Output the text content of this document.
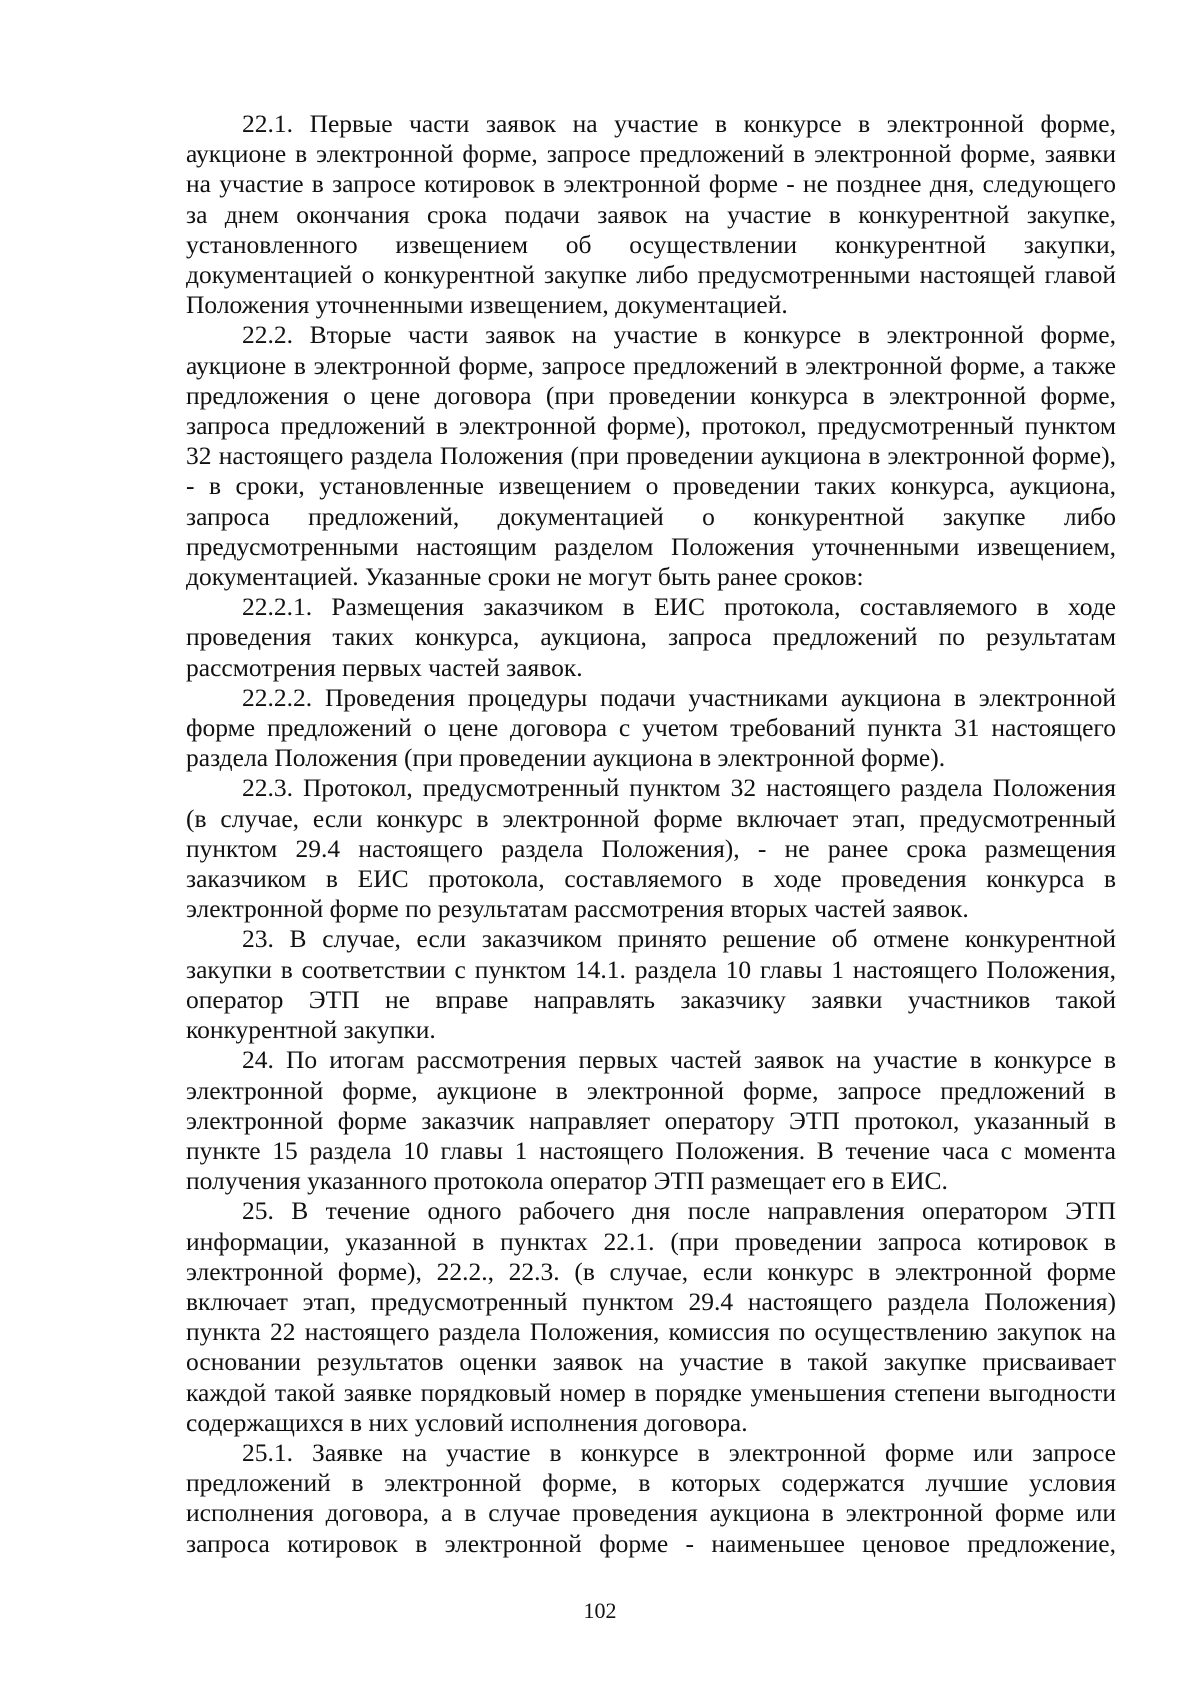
22.1. Первые части заявок на участие в конкурсе в электронной форме, аукционе в электронной форме, запросе предложений в электронной форме, заявки на участие в запросе котировок в электронной форме - не позднее дня, следующего за днем окончания срока подачи заявок на участие в конкурентной закупке, установленного извещением об осуществлении конкурентной закупки, документацией о конкурентной закупке либо предусмотренными настоящей главой Положения уточненными извещением, документацией.

22.2. Вторые части заявок на участие в конкурсе в электронной форме, аукционе в электронной форме, запросе предложений в электронной форме, а также предложения о цене договора (при проведении конкурса в электронной форме, запроса предложений в электронной форме), протокол, предусмотренный пунктом 32 настоящего раздела Положения (при проведении аукциона в электронной форме), - в сроки, установленные извещением о проведении таких конкурса, аукциона, запроса предложений, документацией о конкурентной закупке либо предусмотренными настоящим разделом Положения уточненными извещением, документацией. Указанные сроки не могут быть ранее сроков:

22.2.1. Размещения заказчиком в ЕИС протокола, составляемого в ходе проведения таких конкурса, аукциона, запроса предложений по результатам рассмотрения первых частей заявок.

22.2.2. Проведения процедуры подачи участниками аукциона в электронной форме предложений о цене договора с учетом требований пункта 31 настоящего раздела Положения (при проведении аукциона в электронной форме).

22.3. Протокол, предусмотренный пунктом 32 настоящего раздела Положения (в случае, если конкурс в электронной форме включает этап, предусмотренный пунктом 29.4 настоящего раздела Положения), - не ранее срока размещения заказчиком в ЕИС протокола, составляемого в ходе проведения конкурса в электронной форме по результатам рассмотрения вторых частей заявок.

23. В случае, если заказчиком принято решение об отмене конкурентной закупки в соответствии с пунктом 14.1. раздела 10 главы 1 настоящего Положения, оператор ЭТП не вправе направлять заказчику заявки участников такой конкурентной закупки.

24. По итогам рассмотрения первых частей заявок на участие в конкурсе в электронной форме, аукционе в электронной форме, запросе предложений в электронной форме заказчик направляет оператору ЭТП протокол, указанный в пункте 15 раздела 10 главы 1 настоящего Положения. В течение часа с момента получения указанного протокола оператор ЭТП размещает его в ЕИС.

25. В течение одного рабочего дня после направления оператором ЭТП информации, указанной в пунктах 22.1. (при проведении запроса котировок в электронной форме), 22.2., 22.3. (в случае, если конкурс в электронной форме включает этап, предусмотренный пунктом 29.4 настоящего раздела Положения) пункта 22 настоящего раздела Положения, комиссия по осуществлению закупок на основании результатов оценки заявок на участие в такой закупке присваивает каждой такой заявке порядковый номер в порядке уменьшения степени выгодности содержащихся в них условий исполнения договора.

25.1. Заявке на участие в конкурсе в электронной форме или запросе предложений в электронной форме, в которых содержатся лучшие условия исполнения договора, а в случае проведения аукциона в электронной форме или запроса котировок в электронной форме - наименьшее ценовое предложение,

102
